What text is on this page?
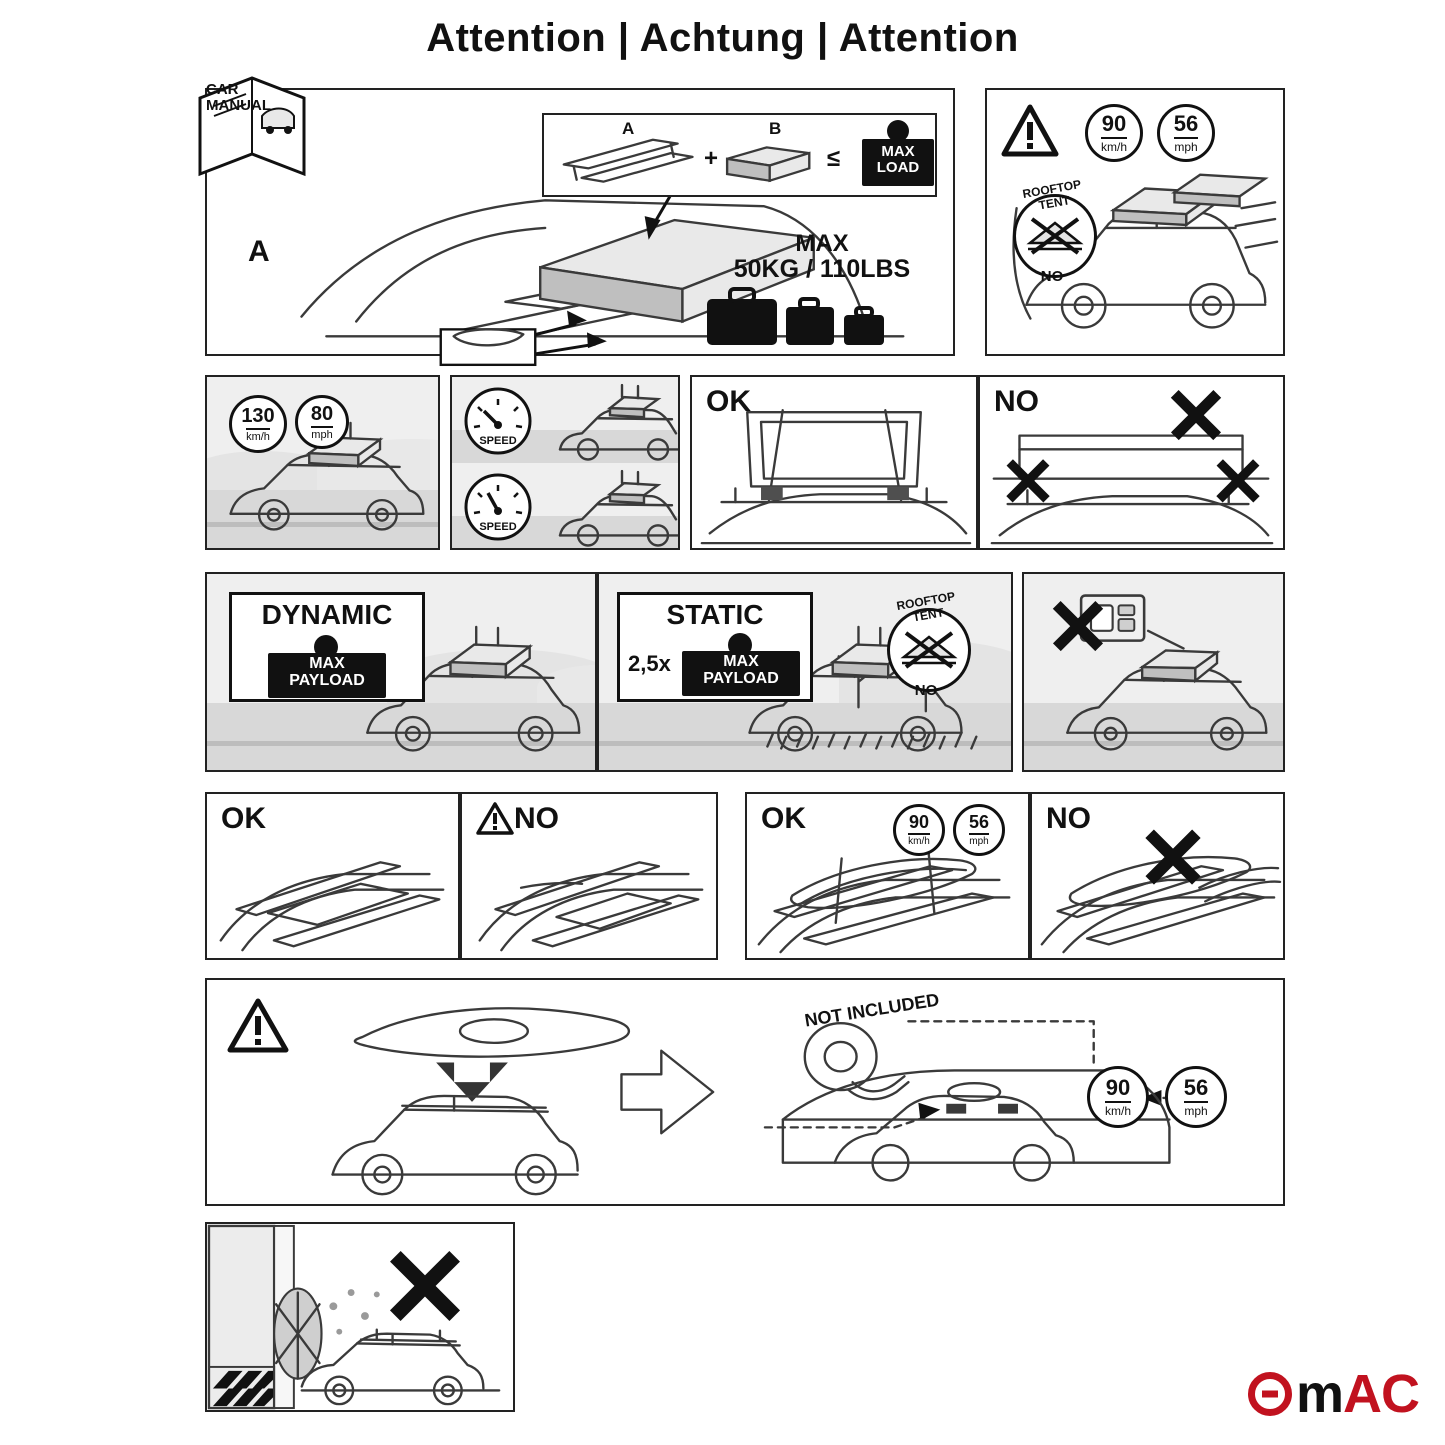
Attention | Achtung | Attention
CAR
MANUAL
A
A
+
B
≤	MAX
LOAD
MAX
50KG / 110LBS
90
km/h
56
mph
ROOFTOP TENT
NO
130
km/h
80
mph
SPEED
SPEED
OK	NO
DYNAMIC
MAX
PAYLOAD
STATIC
2,5x	MAX
PAYLOAD
ROOFTOP TENT
NO
OK	NO	OK	90
km/h
56
mph
NO
NOT INCLUDED
90
km/h
56
mph
mAC
